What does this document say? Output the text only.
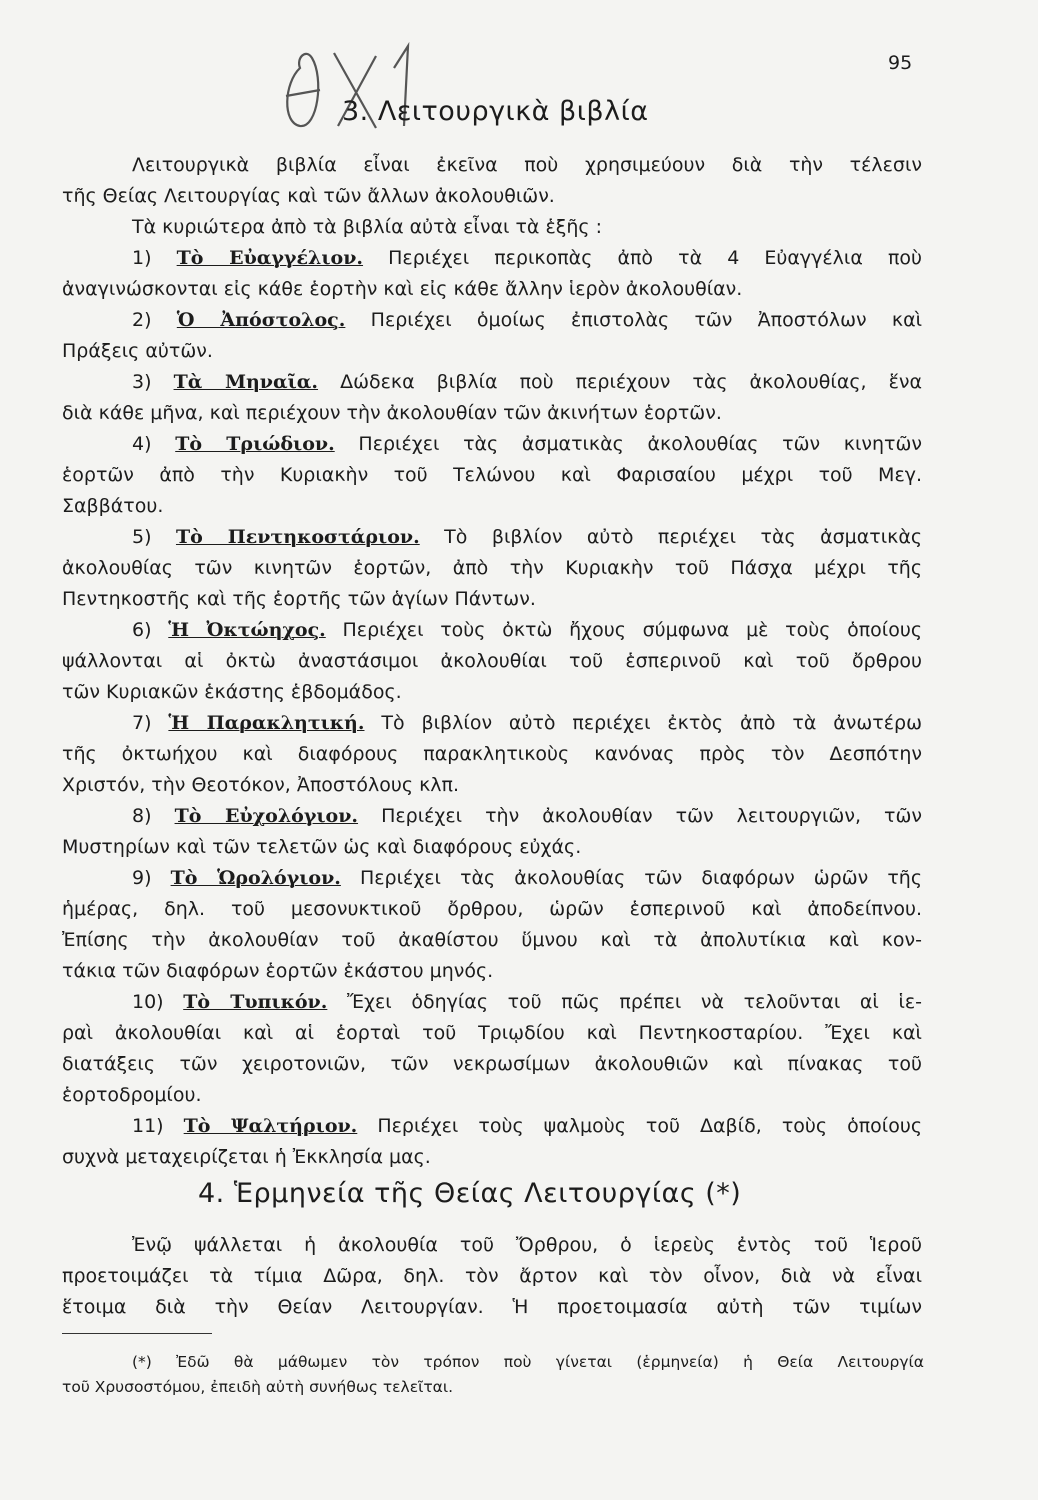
95
3. Λειτουργικὰ βιβλία
Λειτουργικὰ βιβλία εἶναι ἐκεῖνα ποὺ χρησιμεύουν διὰ τὴν τέλεσιν
τῆς Θείας Λειτουργίας καὶ τῶν ἄλλων ἀκολουθιῶν.
Τὰ κυριώτερα ἀπὸ τὰ βιβλία αὐτὰ εἶναι τὰ ἑξῆς :
1) Τὸ Εὐαγγέλιον. Περιέχει περικοπὰς ἀπὸ τὰ 4 Εὐαγγέλια ποὺ
ἀναγινώσκονται εἰς κάθε ἑορτὴν καὶ εἰς κάθε ἄλλην ἱερὸν ἀκολουθίαν.
2) Ὁ Ἀπόστολος. Περιέχει ὁμοίως ἐπιστολὰς τῶν Ἀποστόλων καὶ
Πράξεις αὐτῶν.
3) Τὰ Μηναῖα. Δώδεκα βιβλία ποὺ περιέχουν τὰς ἀκολουθίας, ἕνα
διὰ κάθε μῆνα, καὶ περιέχουν τὴν ἀκολουθίαν τῶν ἀκινήτων ἑορτῶν.
4) Τὸ Τριώδιον. Περιέχει τὰς ἀσματικὰς ἀκολουθίας τῶν κινητῶν
ἑορτῶν ἀπὸ τὴν Κυριακὴν τοῦ Τελώνου καὶ Φαρισαίου μέχρι τοῦ Μεγ.
Σαββάτου.
5) Τὸ Πεντηκοστάριον. Τὸ βιβλίον αὐτὸ περιέχει τὰς ἀσματικὰς
ἀκολουθίας τῶν κινητῶν ἑορτῶν, ἀπὸ τὴν Κυριακὴν τοῦ Πάσχα μέχρι τῆς
Πεντηκοστῆς καὶ τῆς ἑορτῆς τῶν ἁγίων Πάντων.
6) Ἡ Ὀκτώηχος. Περιέχει τοὺς ὀκτὼ ἤχους σύμφωνα μὲ τοὺς ὁποίους
ψάλλονται αἱ ὀκτὼ ἀναστάσιμοι ἀκολουθίαι τοῦ ἑσπερινοῦ καὶ τοῦ ὄρθρου
τῶν Κυριακῶν ἑκάστης ἑβδομάδος.
7) Ἡ Παρακλητική. Τὸ βιβλίον αὐτὸ περιέχει ἐκτὸς ἀπὸ τὰ ἀνωτέρω
τῆς ὀκτωήχου καὶ διαφόρους παρακλητικοὺς κανόνας πρὸς τὸν Δεσπότην
Χριστόν, τὴν Θεοτόκον, Ἀποστόλους κλπ.
8) Τὸ Εὐχολόγιον. Περιέχει τὴν ἀκολουθίαν τῶν λειτουργιῶν, τῶν
Μυστηρίων καὶ τῶν τελετῶν ὡς καὶ διαφόρους εὐχάς.
9) Τὸ Ὡρολόγιον. Περιέχει τὰς ἀκολουθίας τῶν διαφόρων ὡρῶν τῆς
ἡμέρας, δηλ. τοῦ μεσονυκτικοῦ ὄρθρου, ὡρῶν ἑσπερινοῦ καὶ ἀποδείπνου.
Ἐπίσης τὴν ἀκολουθίαν τοῦ ἀκαθίστου ὕμνου καὶ τὰ ἀπολυτίκια καὶ κον-
τάκια τῶν διαφόρων ἑορτῶν ἑκάστου μηνός.
10) Τὸ Τυπικόν. Ἔχει ὁδηγίας τοῦ πῶς πρέπει νὰ τελοῦνται αἱ ἱε-
ραὶ ἀκολουθίαι καὶ αἱ ἑορταὶ τοῦ Τριῳδίου καὶ Πεντηκοσταρίου. Ἔχει καὶ
διατάξεις τῶν χειροτονιῶν, τῶν νεκρωσίμων ἀκολουθιῶν καὶ πίνακας τοῦ
ἑορτοδρομίου.
11) Τὸ Ψαλτήριον. Περιέχει τοὺς ψαλμοὺς τοῦ Δαβίδ, τοὺς ὁποίους
συχνὰ μεταχειρίζεται ἡ Ἐκκλησία μας.
4. Ἑρμηνεία τῆς Θείας Λειτουργίας (*)
Ἐνῷ ψάλλεται ἡ ἀκολουθία τοῦ Ὄρθρου, ὁ ἱερεὺς ἐντὸς τοῦ Ἱεροῦ
προετοιμάζει τὰ τίμια Δῶρα, δηλ. τὸν ἄρτον καὶ τὸν οἶνον, διὰ νὰ εἶναι
ἕτοιμα διὰ τὴν Θείαν Λειτουργίαν. Ἡ προετοιμασία αὐτὴ τῶν τιμίων
(*) Ἐδῶ θὰ μάθωμεν τὸν τρόπον ποὺ γίνεται (ἑρμηνεία) ἡ Θεία Λειτουργία
τοῦ Χρυσοστόμου, ἐπειδὴ αὐτὴ συνήθως τελεῖται.
